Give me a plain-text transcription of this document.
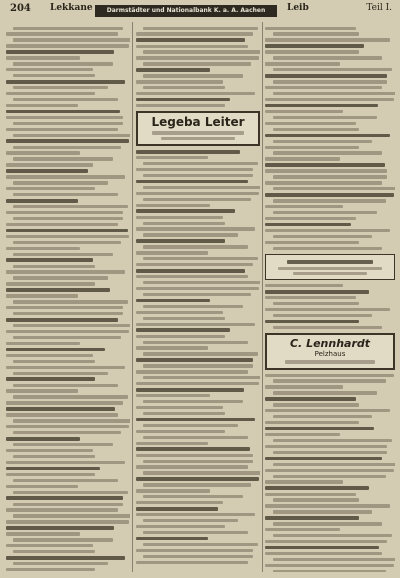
204 Lekkane	Darmstädter und Nationalbank K. a. A. Aachen	Leib	Teil I.
Legeba Leiter
C. Lennhardt
Pelzhaus
